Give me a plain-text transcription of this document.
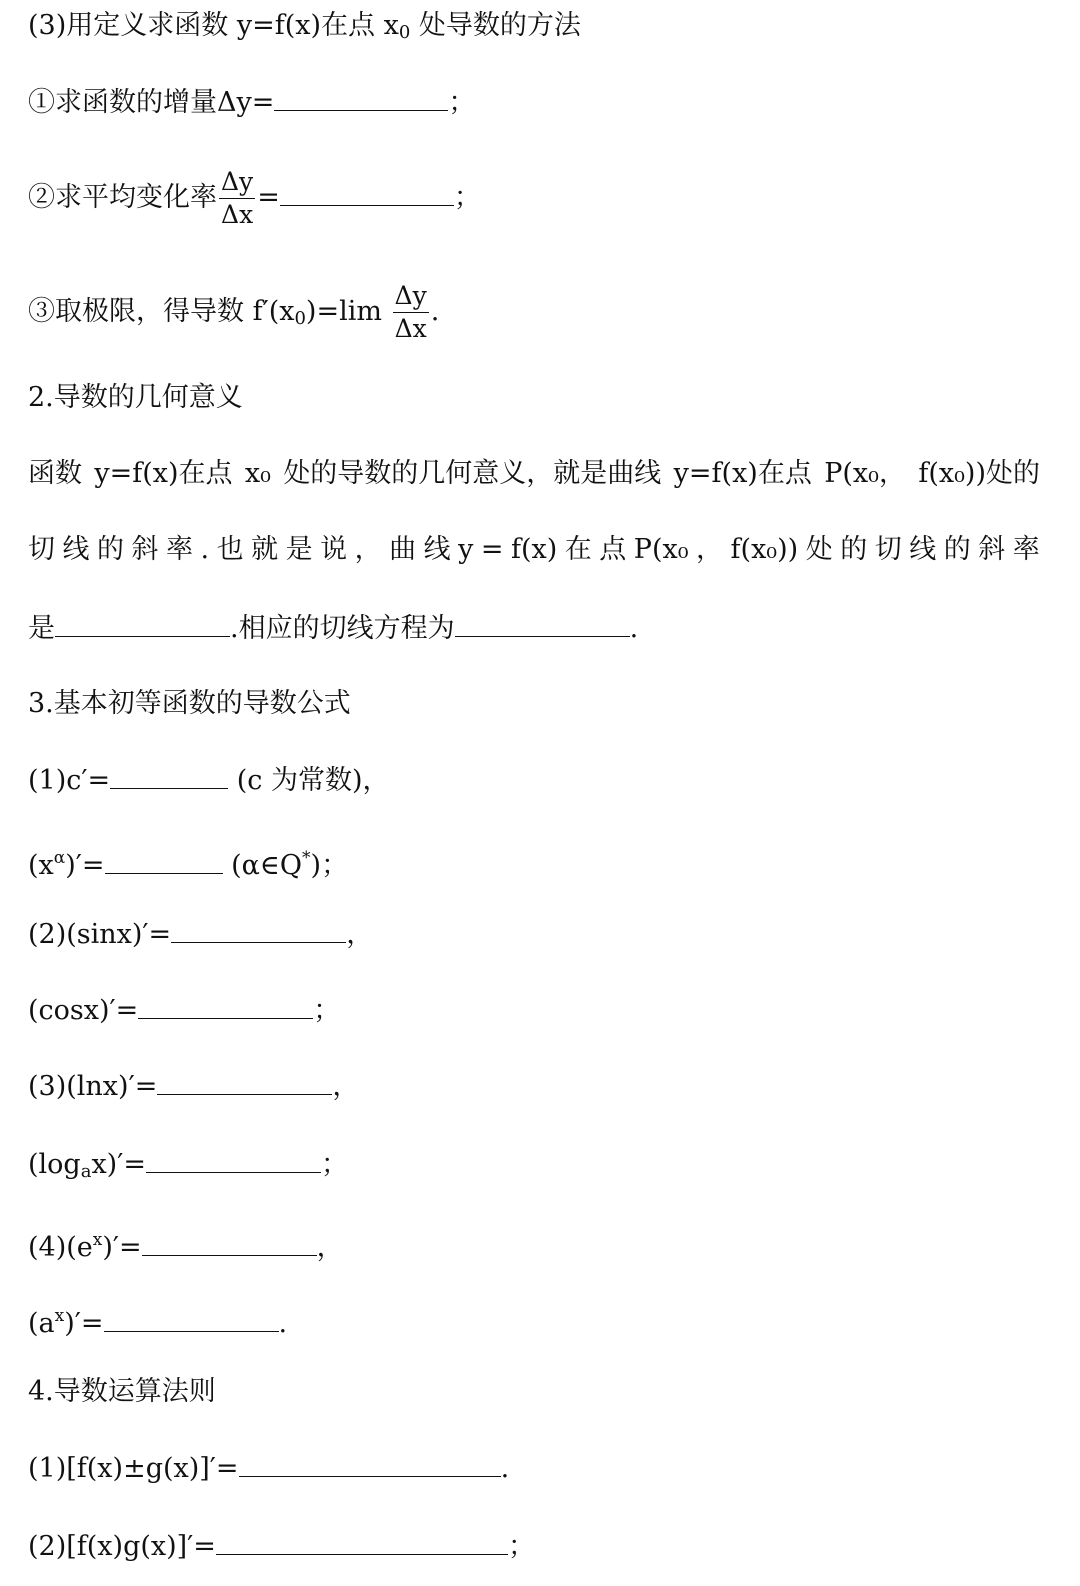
(3)用定义求函数 y=f(x)在点 $x_0$ 处导数的方法
①求函数的增量Δy=	；
②求平均变化率 $\frac{\Delta y}{\Delta x}$ =	；
③取极限，得导数 $f'(x_0)=\lim \frac{\Delta y}{\Delta x}$ .
2.导数的几何意义
函数 y=f(x)在点 x₀ 处的导数的几何意义，就是曲线 y=f(x)在点 P(x₀， f(x₀))处的
切 线 的 斜 率 . 也 就 是 说 ， 曲 线 y = f(x) 在 点 P(x₀ ， f(x₀)) 处 的 切 线 的 斜 率
是	.相应的切线方程为	.
3.基本初等函数的导数公式
(1)c′=	(c 为常数)，
$(x^\alpha)'=$	(α∈Q*)；
(2)(sinx)′=	，
(cosx)′=	；
(3)(lnx)′=	，
$(\log_ax)'=$	；
$(4)(e^x)'=$	，
$(a^x)'=$	.
4.导数运算法则
(1)[f(x)±g(x)]′=	.
(2)[f(x)g(x)]′=	；
